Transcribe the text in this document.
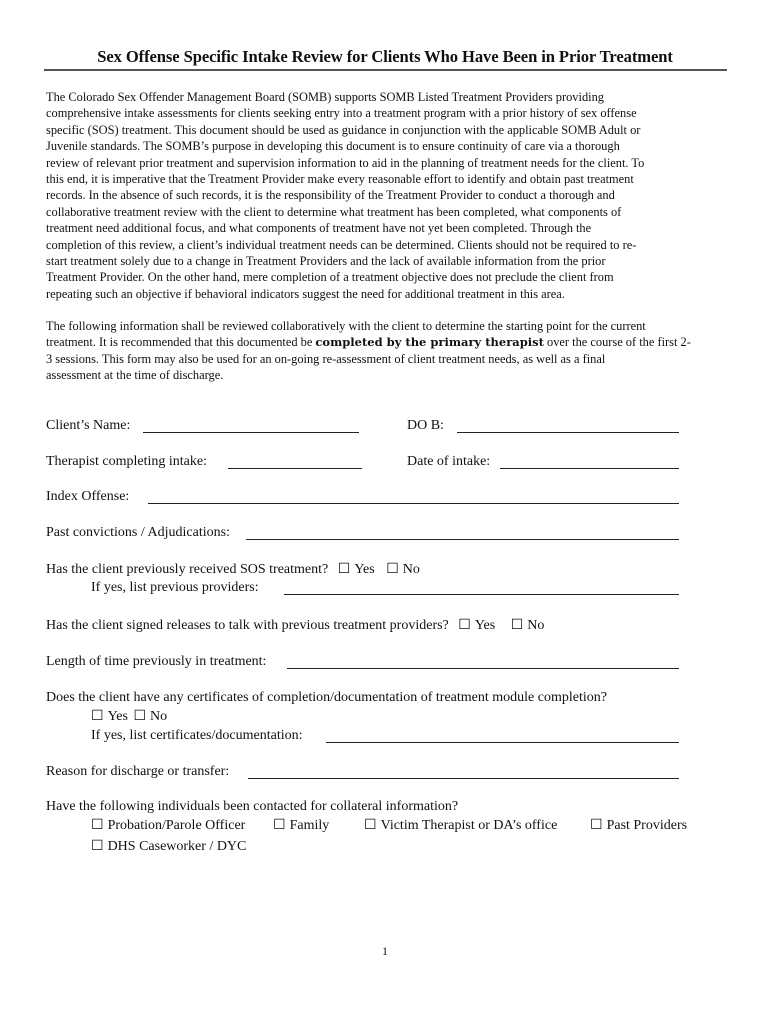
Sex Offense Specific Intake Review for Clients Who Have Been in Prior Treatment
The Colorado Sex Offender Management Board (SOMB) supports SOMB Listed Treatment Providers providing
comprehensive intake assessments for clients seeking entry into a treatment program with a prior history of sex offense
specific (SOS) treatment. This document should be used as guidance in conjunction with the applicable SOMB Adult or
Juvenile standards. The SOMB’s purpose in developing this document is to ensure continuity of care via a thorough
review of relevant prior treatment and supervision information to aid in the planning of treatment needs for the client. To
this end, it is imperative that the Treatment Provider make every reasonable effort to identify and obtain past treatment
records. In the absence of such records, it is the responsibility of the Treatment Provider to conduct a thorough and
collaborative treatment review with the client to determine what treatment has been completed, what components of
treatment need additional focus, and what components of treatment have not yet been completed. Through the
completion of this review, a client’s individual treatment needs can be determined. Clients should not be required to re-
start treatment solely due to a change in Treatment Providers and the lack of available information from the prior
Treatment Provider. On the other hand, mere completion of a treatment objective does not preclude the client from
repeating such an objective if behavioral indicators suggest the need for additional treatment in this area.
The following information shall be reviewed collaboratively with the client to determine the starting point for the current
treatment. It is recommended that this documented be completed by the primary therapist over the course of the first 2-
3 sessions. This form may also be used for an on-going re-assessment of client treatment needs, as well as a final
assessment at the time of discharge.
Client’s Name:	DO B:
Therapist completing intake:	Date of intake:
Index Offense:
Past convictions / Adjudications:
Has the client previously received SOS treatment? ☐ Yes
☐ No
If yes, list previous providers:
Has the client signed releases to talk with previous treatment providers? ☐ Yes
☐ No
Length of time previously in treatment:
Does the client have any certificates of completion/documentation of treatment module completion?
☐ Yes
☐ No
If yes, list certificates/documentation:
Reason for discharge or transfer:
Have the following individuals been contacted for collateral information?
☐ Probation/Parole Officer ☐ Family ☐ Victim Therapist or DA’s office ☐ Past Providers
☐ DHS Caseworker / DYC
1
